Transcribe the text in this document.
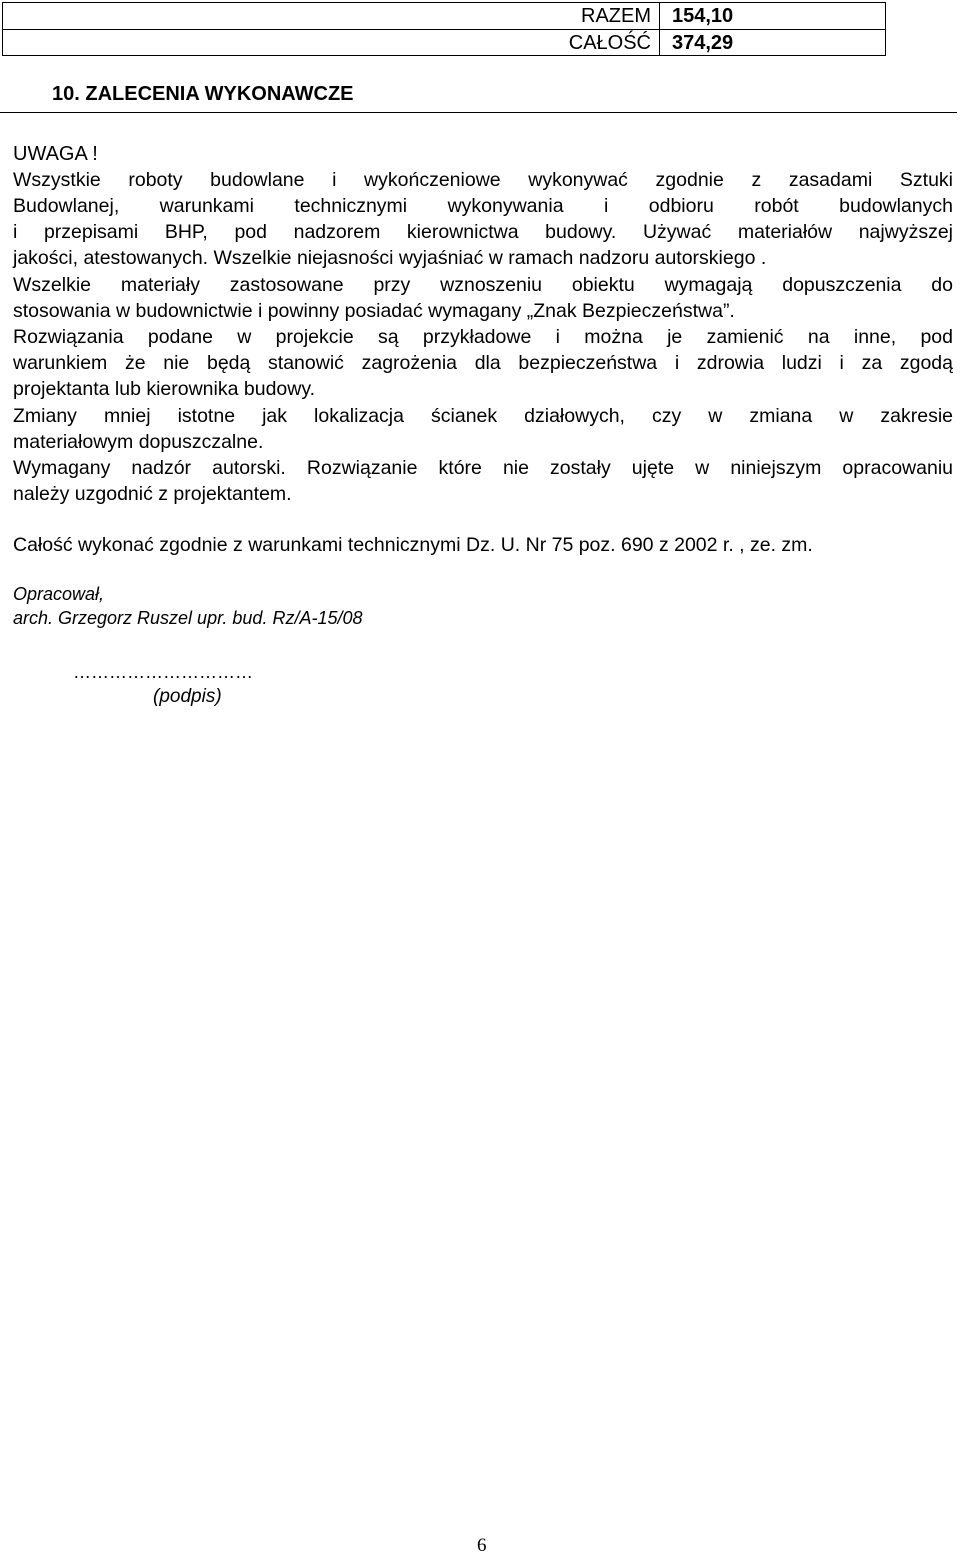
RAZEM 154,10
CAŁOŚĆ 374,29
10. ZALECENIA WYKONAWCZE
UWAGA !
Wszystkie roboty budowlane i wykończeniowe wykonywać zgodnie z zasadami Sztuki
Budowlanej, warunkami technicznymi wykonywania i odbioru robót budowlanych
i przepisami BHP, pod nadzorem kierownictwa budowy. Używać materiałów najwyższej
jakości, atestowanych. Wszelkie niejasności wyjaśniać w ramach nadzoru autorskiego .
Wszelkie materiały zastosowane przy wznoszeniu obiektu wymagają dopuszczenia do
stosowania w budownictwie i powinny posiadać wymagany „Znak Bezpieczeństwa”.
Rozwiązania podane w projekcie są przykładowe i można je zamienić na inne, pod
warunkiem że nie będą stanowić zagrożenia dla bezpieczeństwa i zdrowia ludzi i za zgodą
projektanta lub kierownika budowy.
Zmiany mniej istotne jak lokalizacja ścianek działowych, czy w zmiana w zakresie
materiałowym dopuszczalne.
Wymagany nadzór autorski. Rozwiązanie które nie zostały ujęte w niniejszym opracowaniu
należy uzgodnić z projektantem.
Całość wykonać zgodnie z warunkami technicznymi Dz. U. Nr 75 poz. 690 z 2002 r. , ze. zm.
Opracował,
arch. Grzegorz Ruszel upr. bud. Rz/A-15/08
…………………………
(podpis)
6
